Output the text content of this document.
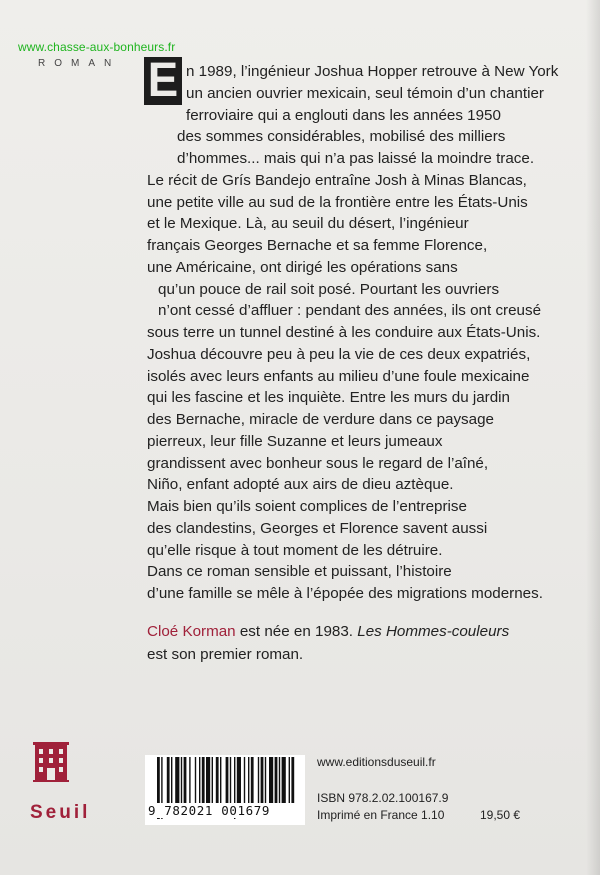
www.chasse-aux-bonheurs.fr
ROMAN E n 1989, l’ingénieur Joshua Hopper retrouve à New York
un ancien ouvrier mexicain, seul témoin d’un chantier
ferroviaire qui a englouti dans les années 1950
des sommes considérables, mobilisé des milliers
d’hommes... mais qui n’a pas laissé la moindre trace.
Le récit de Grís Bandejo entraîne Josh à Minas Blancas,
une petite ville au sud de la frontière entre les États-Unis
et le Mexique. Là, au seuil du désert, l’ingénieur
français Georges Bernache et sa femme Florence,
une Américaine, ont dirigé les opérations sans
qu’un pouce de rail soit posé. Pourtant les ouvriers
n’ont cessé d’affluer : pendant des années, ils ont creusé
sous terre un tunnel destiné à les conduire aux États-Unis.
Joshua découvre peu à peu la vie de ces deux expatriés,
isolés avec leurs enfants au milieu d’une foule mexicaine
qui les fascine et les inquiète. Entre les murs du jardin
des Bernache, miracle de verdure dans ce paysage
pierreux, leur fille Suzanne et leurs jumeaux
grandissent avec bonheur sous le regard de l’aîné,
Niño, enfant adopté aux airs de dieu aztèque.
Mais bien qu’ils soient complices de l’entreprise
des clandestins, Georges et Florence savent aussi
qu’elle risque à tout moment de les détruire.
Dans ce roman sensible et puissant, l’histoire
d’une famille se mêle à l’épopée des migrations modernes.
Cloé Korman est née en 1983. Les Hommes-couleurs
est son premier roman.
Seuil	9 782021 001679
www.editionsduseuil.fr
ISBN 978.2.02.100167.9
Imprimé en France 1.10	19,50 €
